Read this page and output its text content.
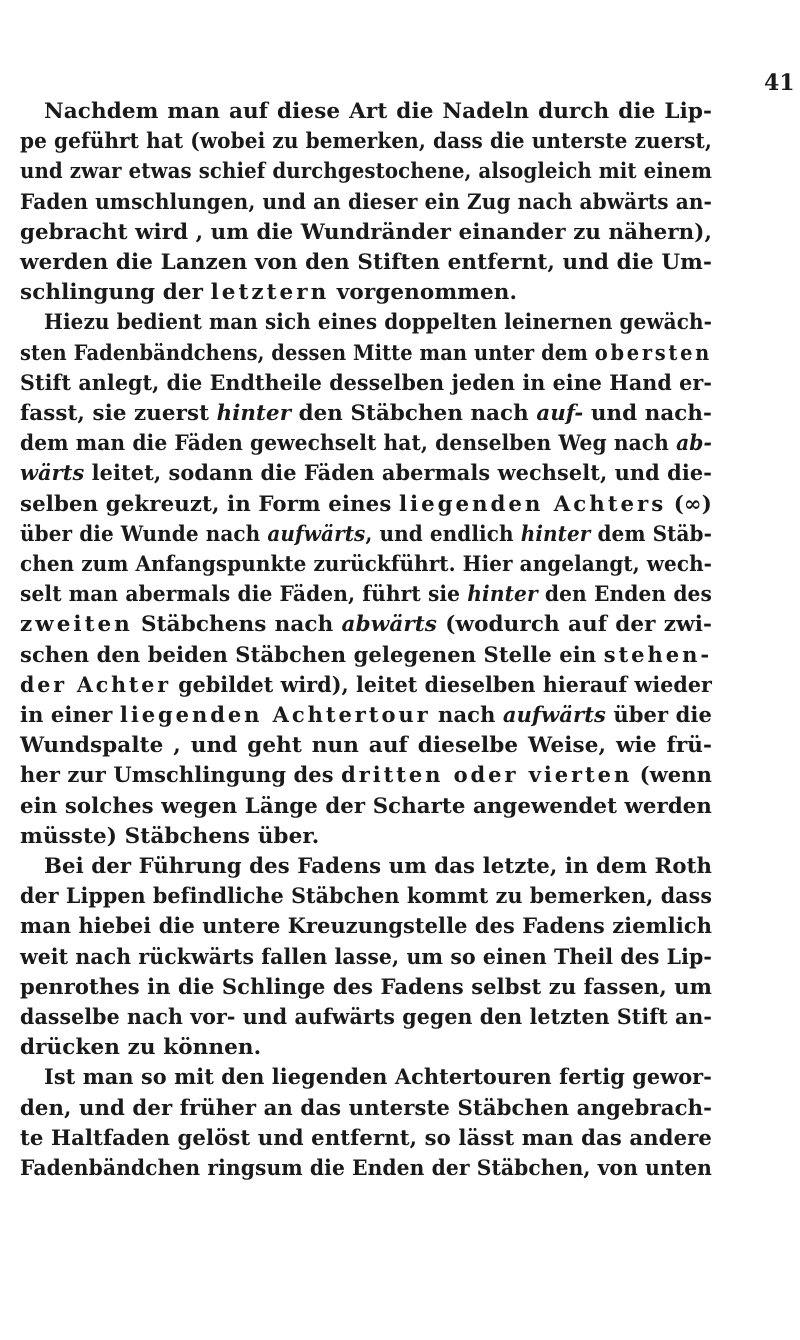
41
Nachdem man auf diese Art die Nadeln durch die Lip-
pe geführt hat (wobei zu bemerken, dass die unterste zuerst,
und zwar etwas schief durchgestochene, alsogleich mit einem
Faden umschlungen, und an dieser ein Zug nach abwärts an-
gebracht wird , um die Wundränder einander zu nähern),
werden die Lanzen von den Stiften entfernt, und die Um-
schlingung der letztern vorgenommen.
Hiezu bedient man sich eines doppelten leinernen gewäch-
sten Fadenbändchens, dessen Mitte man unter dem obersten
Stift anlegt, die Endtheile desselben jeden in eine Hand er-
fasst, sie zuerst hinter den Stäbchen nach auf- und nach-
dem man die Fäden gewechselt hat, denselben Weg nach ab-
wärts leitet, sodann die Fäden abermals wechselt, und die-
selben gekreuzt, in Form eines liegenden Achters (∞)
über die Wunde nach aufwärts, und endlich hinter dem Stäb-
chen zum Anfangspunkte zurückführt. Hier angelangt, wech-
selt man abermals die Fäden, führt sie hinter den Enden des
zweiten Stäbchens nach abwärts (wodurch auf der zwi-
schen den beiden Stäbchen gelegenen Stelle ein stehen-
der Achter gebildet wird), leitet dieselben hierauf wieder
in einer liegenden Achtertour nach aufwärts über die
Wundspalte , und geht nun auf dieselbe Weise, wie frü-
her zur Umschlingung des dritten oder vierten (wenn
ein solches wegen Länge der Scharte angewendet werden
müsste) Stäbchens über.
Bei der Führung des Fadens um das letzte, in dem Roth
der Lippen befindliche Stäbchen kommt zu bemerken, dass
man hiebei die untere Kreuzungstelle des Fadens ziemlich
weit nach rückwärts fallen lasse, um so einen Theil des Lip-
penrothes in die Schlinge des Fadens selbst zu fassen, um
dasselbe nach vor- und aufwärts gegen den letzten Stift an-
drücken zu können.
Ist man so mit den liegenden Achtertouren fertig gewor-
den, und der früher an das unterste Stäbchen angebrach-
te Haltfaden gelöst und entfernt, so lässt man das andere
Fadenbändchen ringsum die Enden der Stäbchen, von unten
